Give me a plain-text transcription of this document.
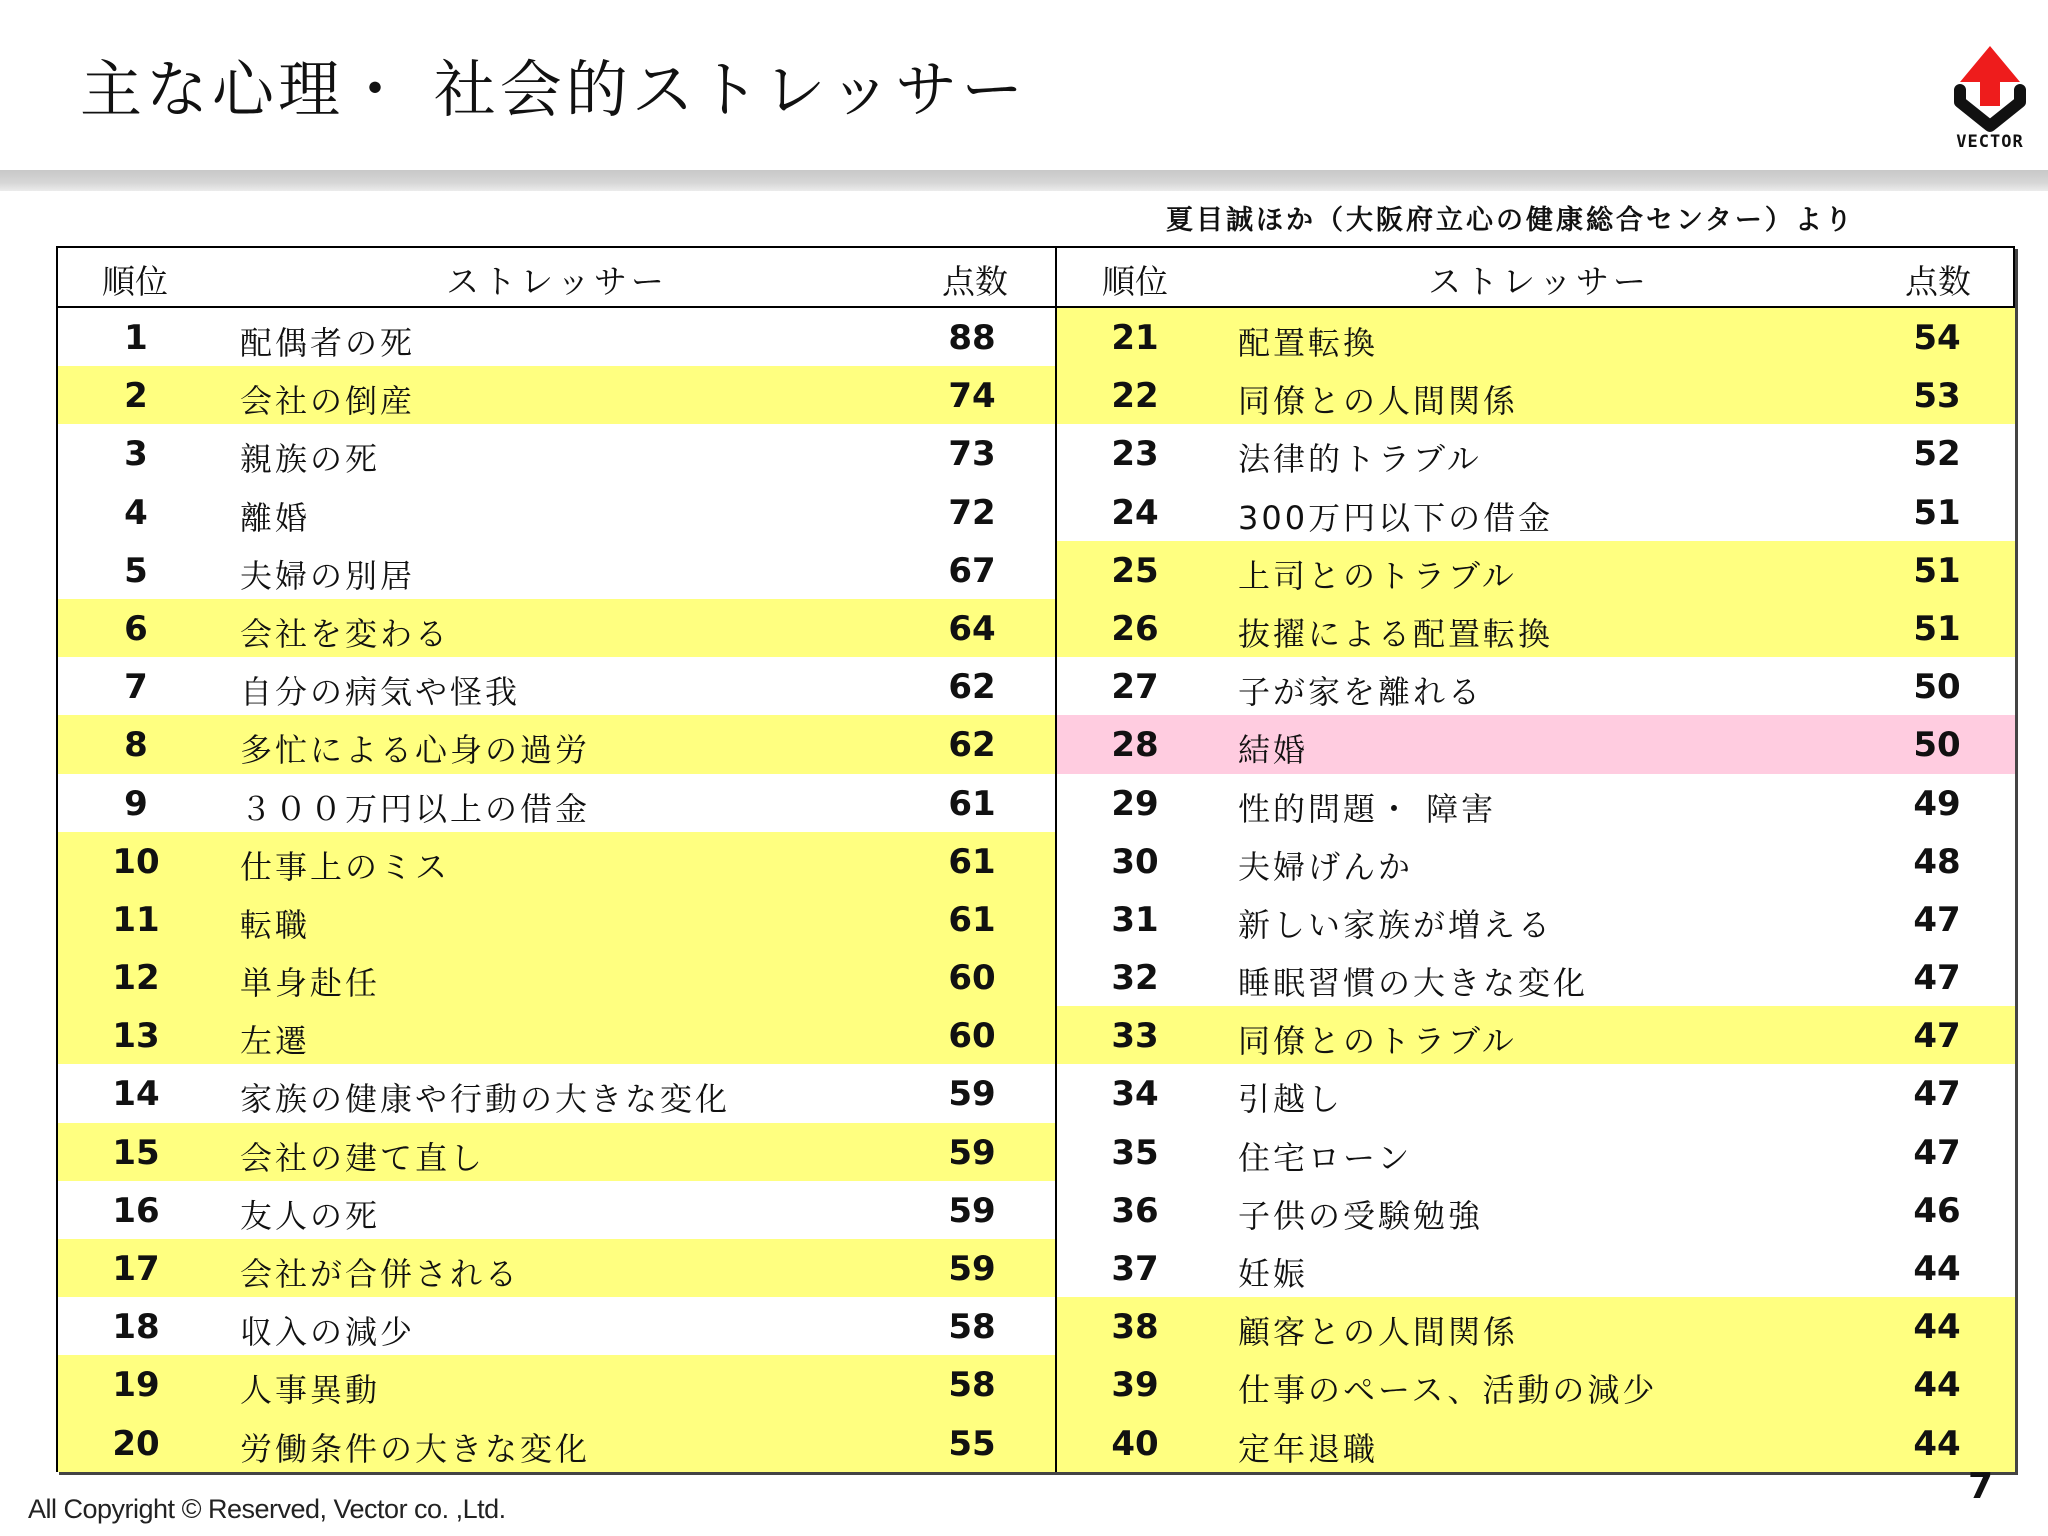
主な心理・ 社会的ストレッサー
VECTOR
夏目誠ほか（大阪府立心の健康総合センター）より
順位	ストレッサー	点数
1	配偶者の死	88
2	会社の倒産	74
3	親族の死	73
4	離婚	72
5	夫婦の別居	67
6	会社を変わる	64
7	自分の病気や怪我	62
8	多忙による心身の過労	62
9	３００万円以上の借金	61
10	仕事上のミス	61
11	転職	61
12	単身赴任	60
13	左遷	60
14	家族の健康や行動の大きな変化	59
15	会社の建て直し	59
16	友人の死	59
17	会社が合併される	59
18	収入の減少	58
19	人事異動	58
20	労働条件の大きな変化	55
順位	ストレッサー	点数
21	配置転換	54
22	同僚との人間関係	53
23	法律的トラブル	52
24	300万円以下の借金	51
25	上司とのトラブル	51
26	抜擢による配置転換	51
27	子が家を離れる	50
28	結婚	50
29	性的問題・ 障害	49
30	夫婦げんか	48
31	新しい家族が増える	47
32	睡眠習慣の大きな変化	47
33	同僚とのトラブル	47
34	引越し	47
35	住宅ローン	47
36	子供の受験勉強	46
37	妊娠	44
38	顧客との人間関係	44
39	仕事のペース、活動の減少	44
40	定年退職	44
7
All Copyright © Reserved, Vector co. ,Ltd.
